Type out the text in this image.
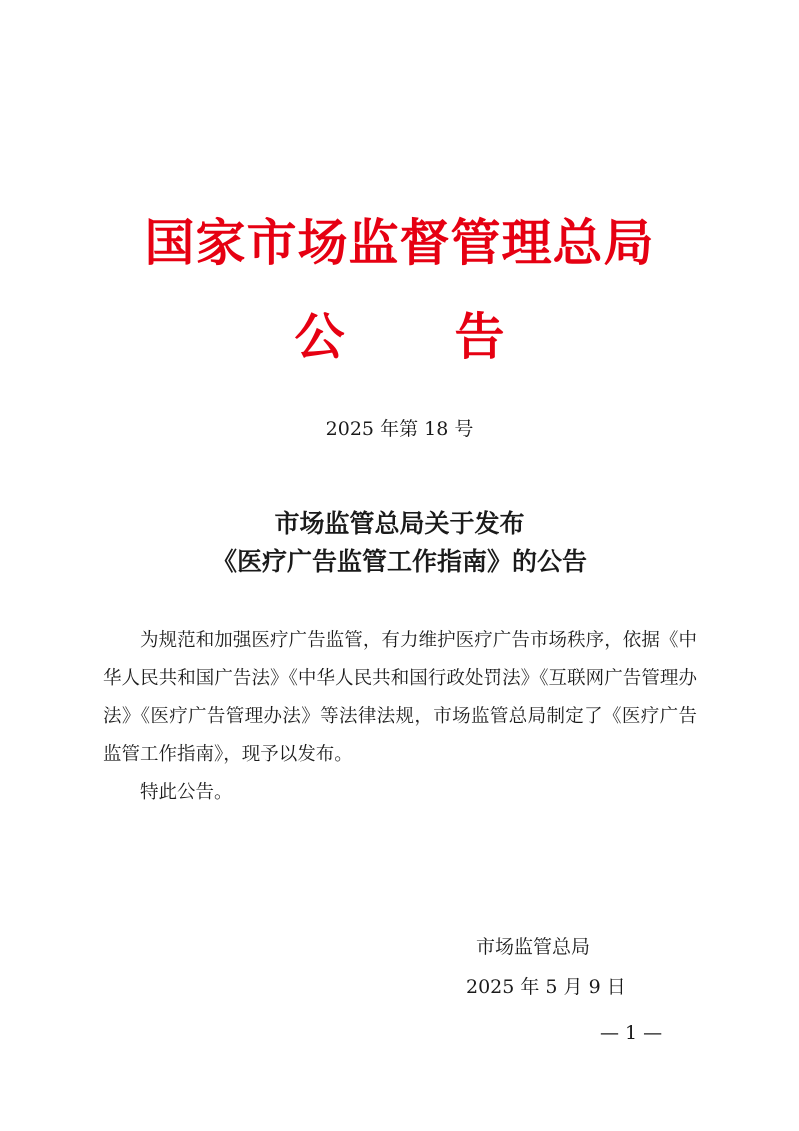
国家市场监督管理总局
公 告
2025 年第 18 号
市场监管总局关于发布
《医疗广告监管工作指南》的公告

为规范和加强医疗广告监管，有力维护医疗广告市场秩序，依据《中华人民共和国广告法》《中华人民共和国行政处罚法》《互联网广告管理办法》《医疗广告管理办法》等法律法规，市场监管总局制定了《医疗广告监管工作指南》，现予以发布。

特此公告。

市场监管总局
2025 年 5 月 9 日
— 1 —
